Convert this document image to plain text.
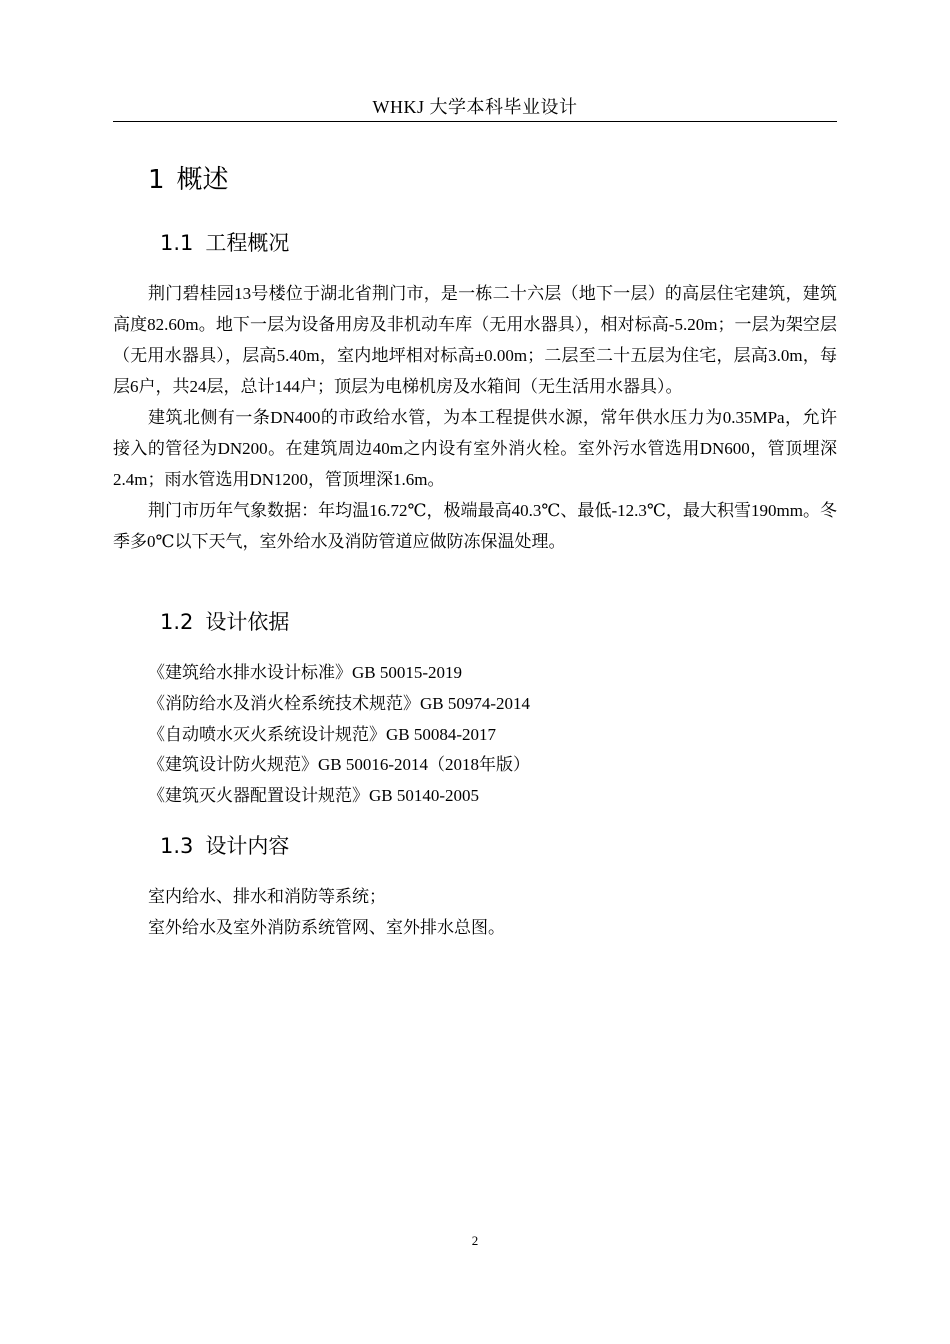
WHKJ 大学本科毕业设计
1 概述
1.1 工程概况

荆门碧桂园13号楼位于湖北省荆门市，是一栋二十六层（地下一层）的高层住宅建筑，建筑高度82.60m。地下一层为设备用房及非机动车库（无用水器具），相对标高-5.20m；一层为架空层（无用水器具），层高5.40m，室内地坪相对标高±0.00m；二层至二十五层为住宅，层高3.0m，每层6户，共24层，总计144户；顶层为电梯机房及水箱间（无生活用水器具）。

建筑北侧有一条DN400的市政给水管，为本工程提供水源，常年供水压力为0.35MPa，允许接入的管径为DN200。在建筑周边40m之内设有室外消火栓。室外污水管选用DN600，管顶埋深2.4m；雨水管选用DN1200，管顶埋深1.6m。

荆门市历年气象数据：年均温16.72℃，极端最高40.3℃、最低-12.3℃，最大积雪190mm。冬季多0℃以下天气，室外给水及消防管道应做防冻保温处理。

1.2 设计依据
《建筑给水排水设计标准》GB 50015-2019
《消防给水及消火栓系统技术规范》GB 50974-2014
《自动喷水灭火系统设计规范》GB 50084-2017
《建筑设计防火规范》GB 50016-2014（2018年版）
《建筑灭火器配置设计规范》GB 50140-2005
1.3 设计内容
室内给水、排水和消防等系统；
室外给水及室外消防系统管网、室外排水总图。
2
